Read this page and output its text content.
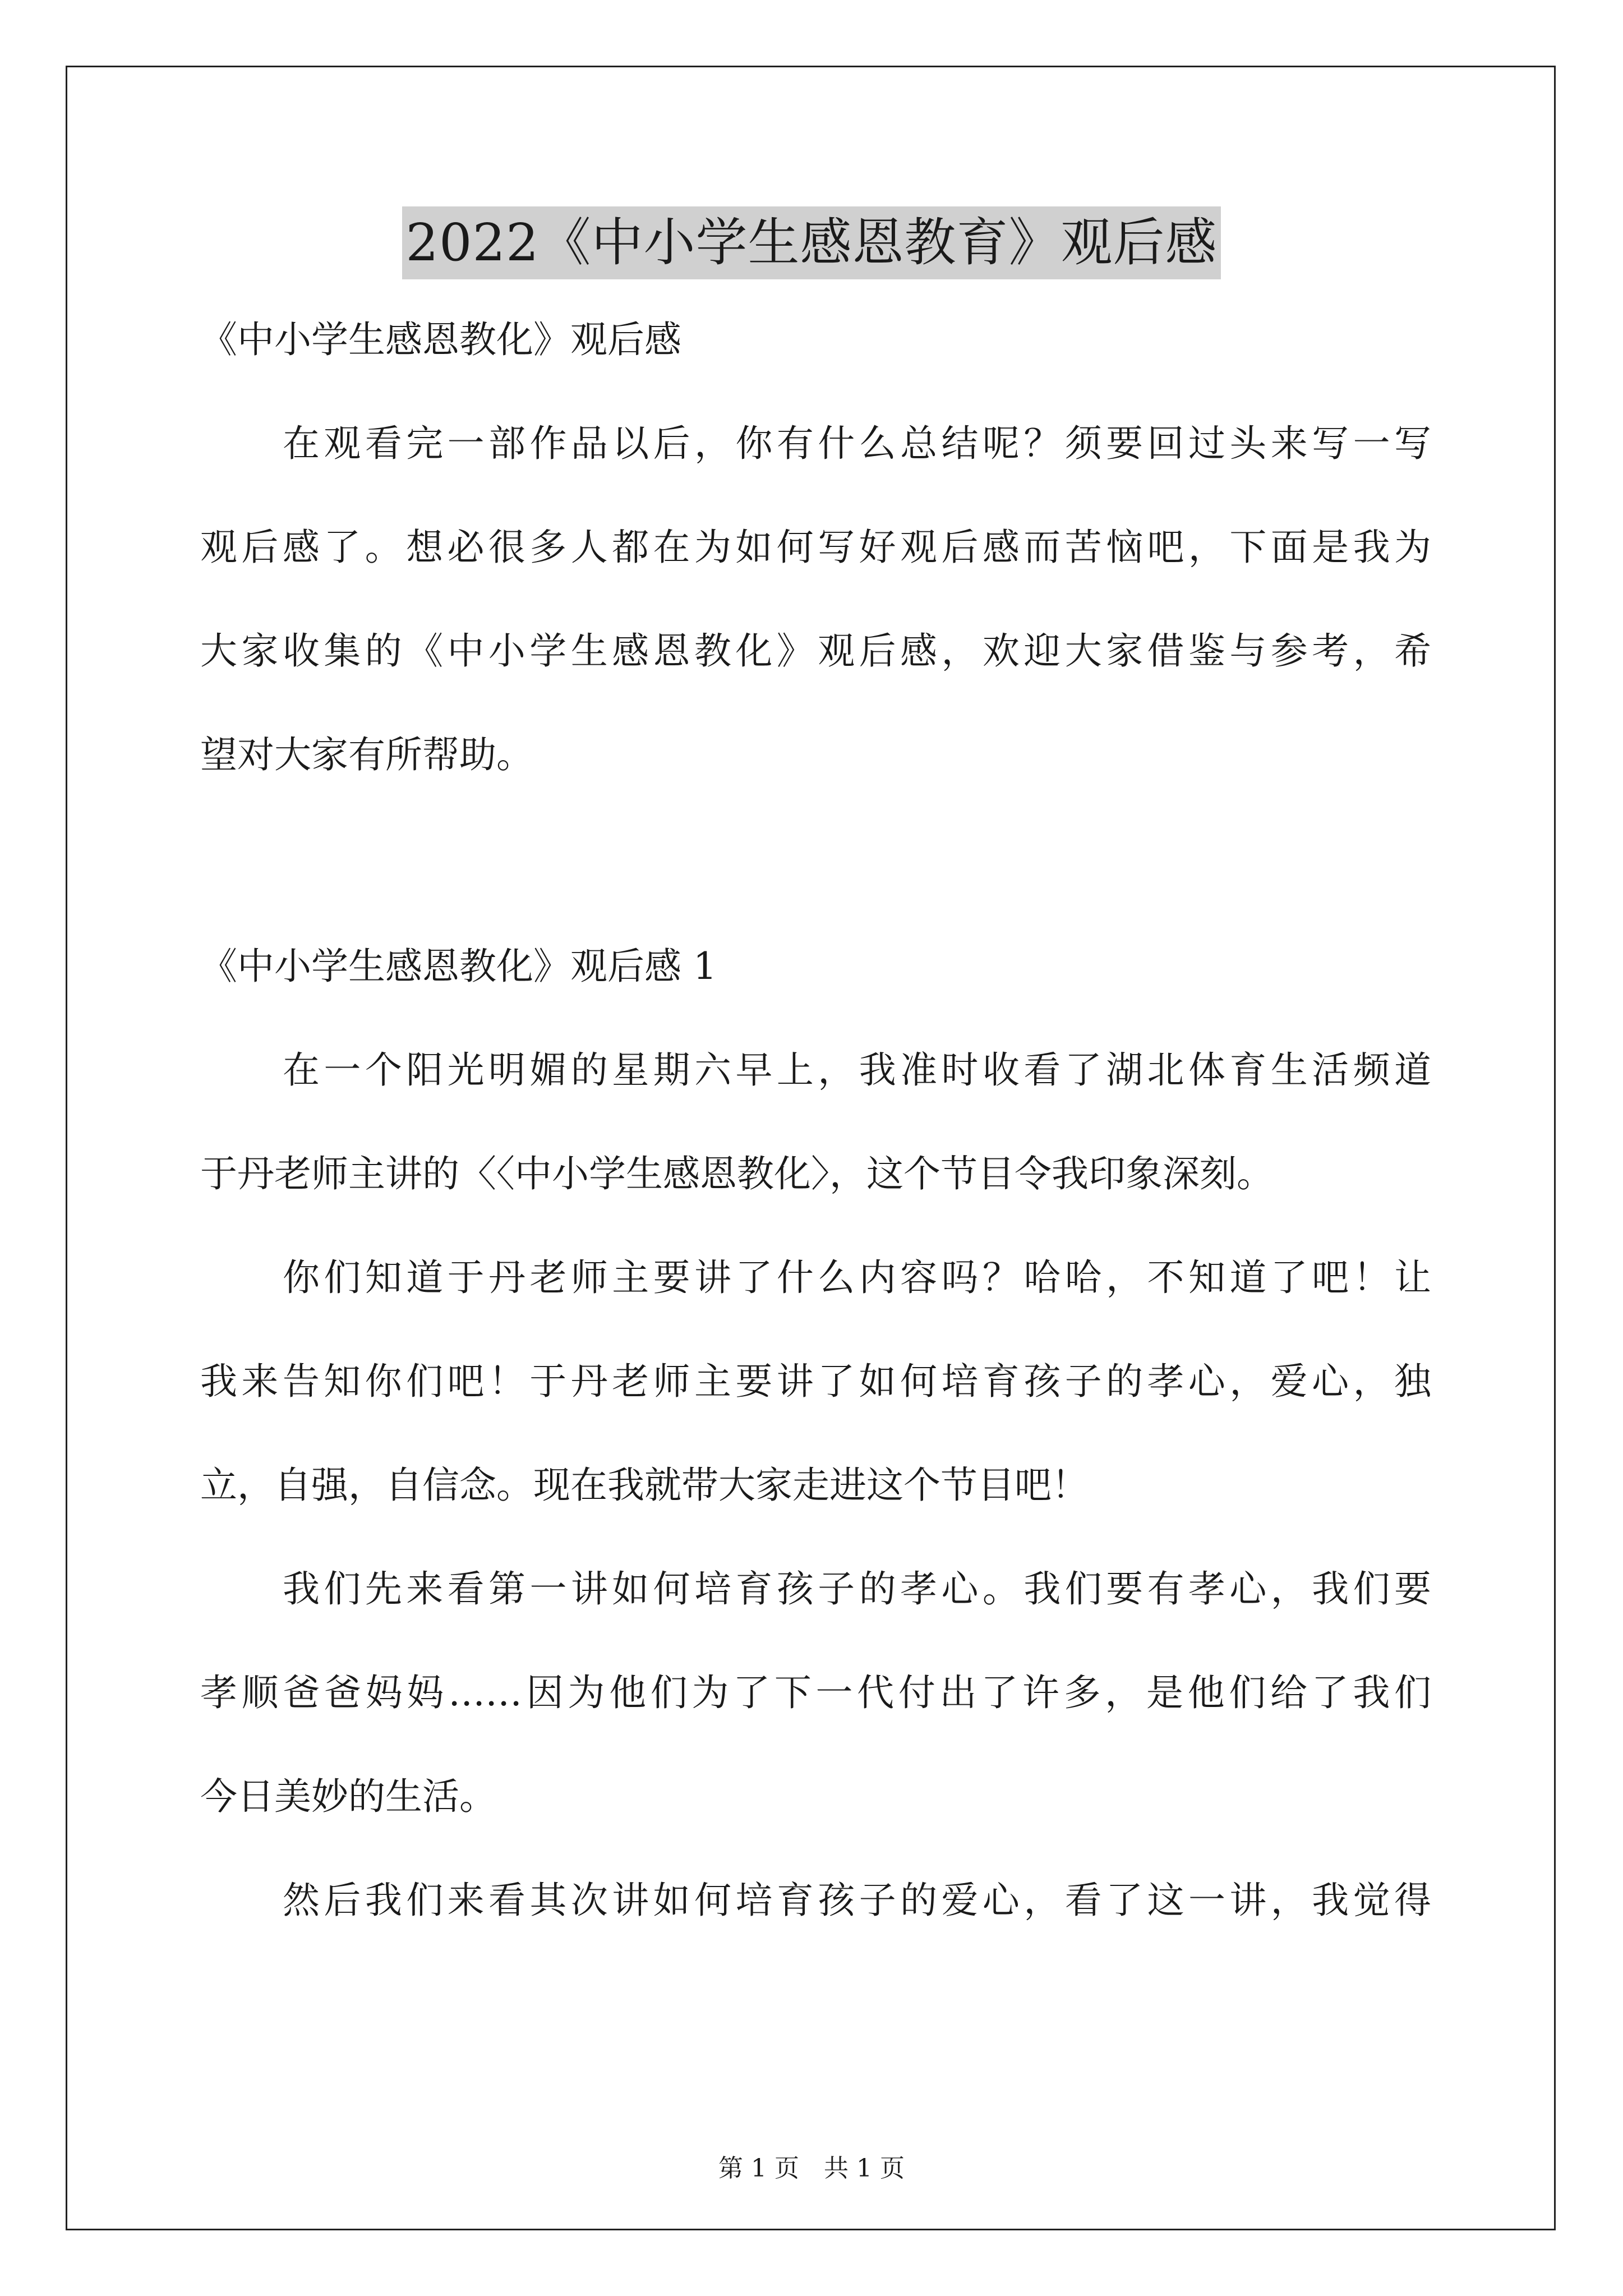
2022《中小学生感恩教育》观后感
《中小学生感恩教化》观后感
在观看完一部作品以后，你有什么总结呢？须要回过头来写一写
观后感了。想必很多人都在为如何写好观后感而苦恼吧，下面是我为
大家收集的《中小学生感恩教化》观后感，欢迎大家借鉴与参考，希
望对大家有所帮助。
《中小学生感恩教化》观后感 1
在一个阳光明媚的星期六早上，我准时收看了湖北体育生活频道
于丹老师主讲的〈〈中小学生感恩教化〉，这个节目令我印象深刻。
你们知道于丹老师主要讲了什么内容吗？哈哈，不知道了吧！让
我来告知你们吧！于丹老师主要讲了如何培育孩子的孝心，爱心，独
立，自强，自信念。现在我就带大家走进这个节目吧！
我们先来看第一讲如何培育孩子的孝心。我们要有孝心，我们要
孝顺爸爸妈妈……因为他们为了下一代付出了许多，是他们给了我们
今日美妙的生活。
然后我们来看其次讲如何培育孩子的爱心，看了这一讲，我觉得
第 1 页　共 1 页
